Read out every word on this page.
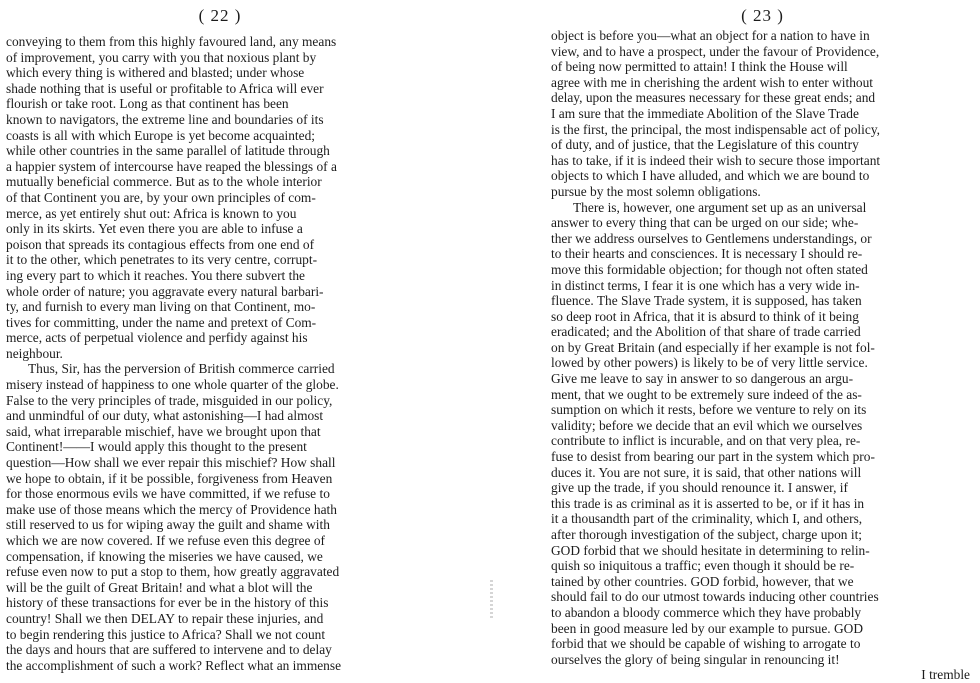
( 22 )
conveying to them from this highly favoured land, any means
of improvement, you carry with you that noxious plant by
which every thing is withered and blasted; under whose
shade nothing that is useful or profitable to Africa will ever
flourish or take root. Long as that continent has been
known to navigators, the extreme line and boundaries of its
coasts is all with which Europe is yet become acquainted;
while other countries in the same parallel of latitude through
a happier system of intercourse have reaped the blessings of a
mutually beneficial commerce. But as to the whole interior
of that Continent you are, by your own principles of com-
merce, as yet entirely shut out: Africa is known to you
only in its skirts. Yet even there you are able to infuse a
poison that spreads its contagious effects from one end of
it to the other, which penetrates to its very centre, corrupt-
ing every part to which it reaches. You there subvert the
whole order of nature; you aggravate every natural barbari-
ty, and furnish to every man living on that Continent, mo-
tives for committing, under the name and pretext of Com-
merce, acts of perpetual violence and perfidy against his
neighbour.
Thus, Sir, has the perversion of British commerce carried
misery instead of happiness to one whole quarter of the globe.
False to the very principles of trade, misguided in our policy,
and unmindful of our duty, what astonishing—I had almost
said, what irreparable mischief, have we brought upon that
Continent!——I would apply this thought to the present
question—How shall we ever repair this mischief? How shall
we hope to obtain, if it be possible, forgiveness from Heaven
for those enormous evils we have committed, if we refuse to
make use of those means which the mercy of Providence hath
still reserved to us for wiping away the guilt and shame with
which we are now covered. If we refuse even this degree of
compensation, if knowing the miseries we have caused, we
refuse even now to put a stop to them, how greatly aggravated
will be the guilt of Great Britain! and what a blot will the
history of these transactions for ever be in the history of this
country! Shall we then DELAY to repair these injuries, and
to begin rendering this justice to Africa? Shall we not count
the days and hours that are suffered to intervene and to delay
the accomplishment of such a work? Reflect what an immense
( 23 )
object is before you—what an object for a nation to have in
view, and to have a prospect, under the favour of Providence,
of being now permitted to attain! I think the House will
agree with me in cherishing the ardent wish to enter without
delay, upon the measures necessary for these great ends; and
I am sure that the immediate Abolition of the Slave Trade
is the first, the principal, the most indispensable act of policy,
of duty, and of justice, that the Legislature of this country
has to take, if it is indeed their wish to secure those important
objects to which I have alluded, and which we are bound to
pursue by the most solemn obligations.
There is, however, one argument set up as an universal
answer to every thing that can be urged on our side; whe-
ther we address ourselves to Gentlemens understandings, or
to their hearts and consciences. It is necessary I should re-
move this formidable objection; for though not often stated
in distinct terms, I fear it is one which has a very wide in-
fluence. The Slave Trade system, it is supposed, has taken
so deep root in Africa, that it is absurd to think of it being
eradicated; and the Abolition of that share of trade carried
on by Great Britain (and especially if her example is not fol-
lowed by other powers) is likely to be of very little service.
Give me leave to say in answer to so dangerous an argu-
ment, that we ought to be extremely sure indeed of the as-
sumption on which it rests, before we venture to rely on its
validity; before we decide that an evil which we ourselves
contribute to inflict is incurable, and on that very plea, re-
fuse to desist from bearing our part in the system which pro-
duces it. You are not sure, it is said, that other nations will
give up the trade, if you should renounce it. I answer, if
this trade is as criminal as it is asserted to be, or if it has in
it a thousandth part of the criminality, which I, and others,
after thorough investigation of the subject, charge upon it;
GOD forbid that we should hesitate in determining to relin-
quish so iniquitous a traffic; even though it should be re-
tained by other countries. GOD forbid, however, that we
should fail to do our utmost towards inducing other countries
to abandon a bloody commerce which they have probably
been in good measure led by our example to pursue. GOD
forbid that we should be capable of wishing to arrogate to
ourselves the glory of being singular in renouncing it!
I tremble
